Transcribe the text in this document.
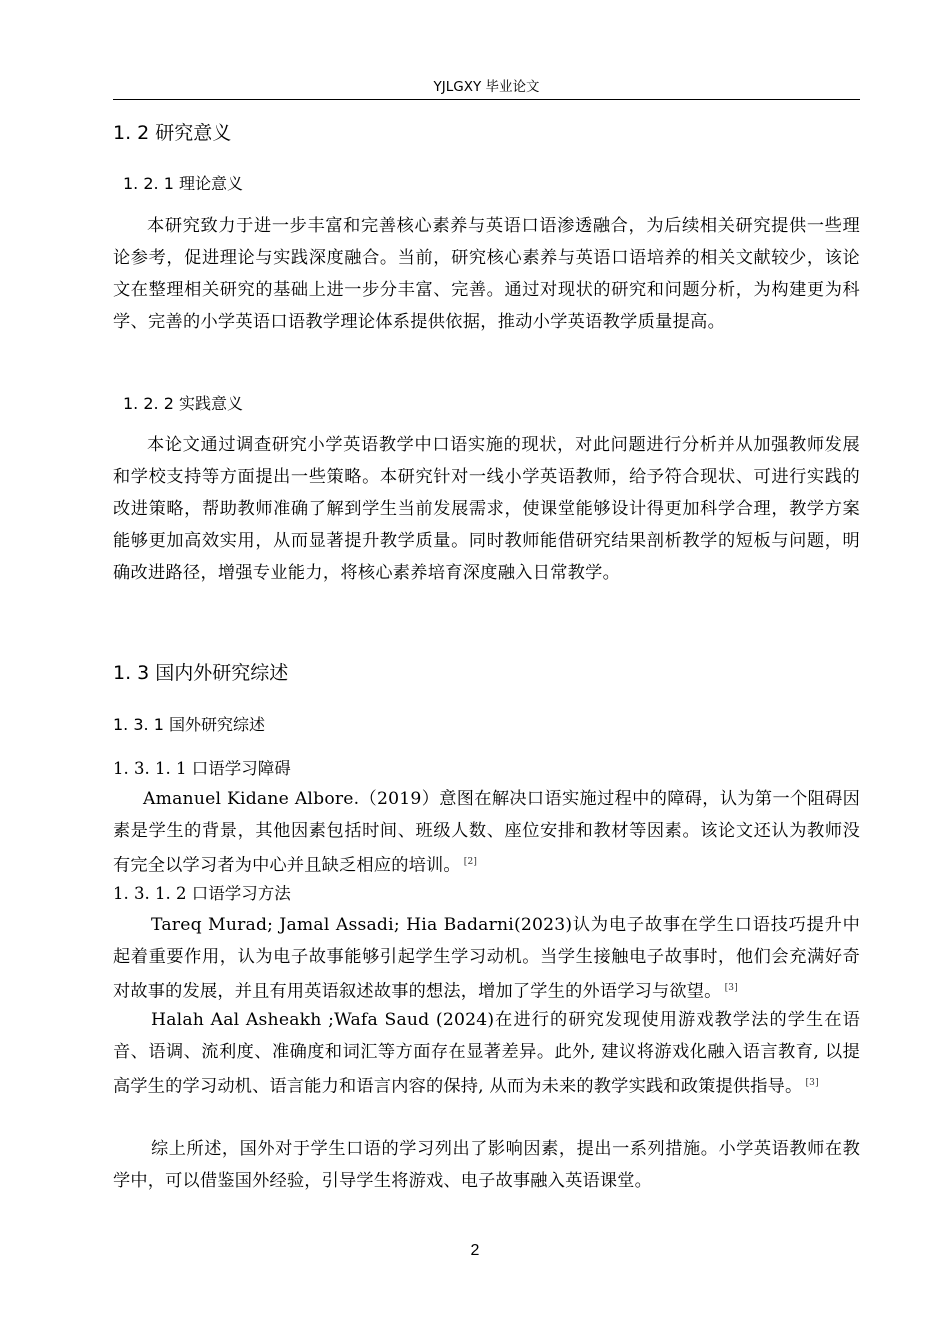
YJLGXY 毕业论文
1. 2 研究意义
1. 2. 1 理论意义

本研究致力于进一步丰富和完善核心素养与英语口语渗透融合，为后续相关研究提供一些理论参考，促进理论与实践深度融合。当前，研究核心素养与英语口语培养的相关文献较少，该论文在整理相关研究的基础上进一步分丰富、完善。通过对现状的研究和问题分析，为构建更为科学、完善的小学英语口语教学理论体系提供依据，推动小学英语教学质量提高。

1. 2. 2 实践意义

本论文通过调查研究小学英语教学中口语实施的现状，对此问题进行分析并从加强教师发展和学校支持等方面提出一些策略。本研究针对一线小学英语教师，给予符合现状、可进行实践的改进策略，帮助教师准确了解到学生当前发展需求，使课堂能够设计得更加科学合理，教学方案能够更加高效实用，从而显著提升教学质量。同时教师能借研究结果剖析教学的短板与问题，明确改进路径，增强专业能力，将核心素养培育深度融入日常教学。

1. 3 国内外研究综述
1. 3. 1 国外研究综述
1. 3. 1. 1 口语学习障碍

Amanuel Kidane Albore.（2019）意图在解决口语实施过程中的障碍，认为第一个阻碍因素是学生的背景，其他因素包括时间、班级人数、座位安排和教材等因素。该论文还认为教师没有完全以学习者为中心并且缺乏相应的培训。 [2]

1. 3. 1. 2 口语学习方法

Tareq Murad; Jamal Assadi; Hia Badarni(2023)认为电子故事在学生口语技巧提升中起着重要作用，认为电子故事能够引起学生学习动机。当学生接触电子故事时，他们会充满好奇对故事的发展，并且有用英语叙述故事的想法，增加了学生的外语学习与欲望。 [3]

Halah Aal Asheakh ;Wafa Saud (2024)在进行的研究发现使用游戏教学法的学生在语音、语调、流利度、准确度和词汇等方面存在显著差异。此外, 建议将游戏化融入语言教育, 以提高学生的学习动机、语言能力和语言内容的保持, 从而为未来的教学实践和政策提供指导。 [3]

综上所述，国外对于学生口语的学习列出了影响因素，提出一系列措施。小学英语教师在教学中，可以借鉴国外经验，引导学生将游戏、电子故事融入英语课堂。

2
